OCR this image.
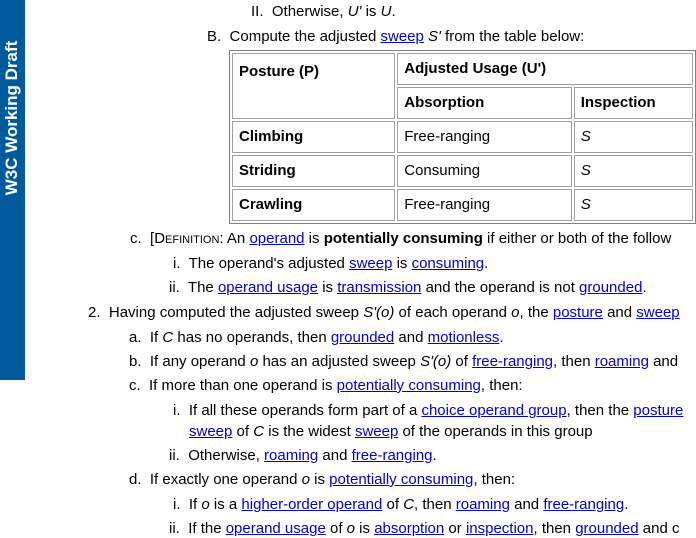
W3C Working Draft
II. Otherwise, U' is U.
B. Compute the adjusted sweep S' from the table below:
Posture (P)	Adjusted Usage (U')	
	Absorption	Inspection
Climbing	Free-ranging	S
Striding	Consuming	S
Crawling	Free-ranging	S
c. [Definition: An operand is potentially consuming if either or both of the follow
i. The operand's adjusted sweep is consuming.
ii. The operand usage is transmission and the operand is not grounded.
2. Having computed the adjusted sweep S'(o) of each operand o, the posture and sweep
a. If C has no operands, then grounded and motionless.
b. If any operand o has an adjusted sweep S'(o) of free-ranging, then roaming and
c. If more than one operand is potentially consuming, then:
i. If all these operands form part of a choice operand group, then the posture
sweep of C is the widest sweep of the operands in this group
ii. Otherwise, roaming and free-ranging.
d. If exactly one operand o is potentially consuming, then:
i. If o is a higher-order operand of C, then roaming and free-ranging.
ii. If the operand usage of o is absorption or inspection, then grounded and c
